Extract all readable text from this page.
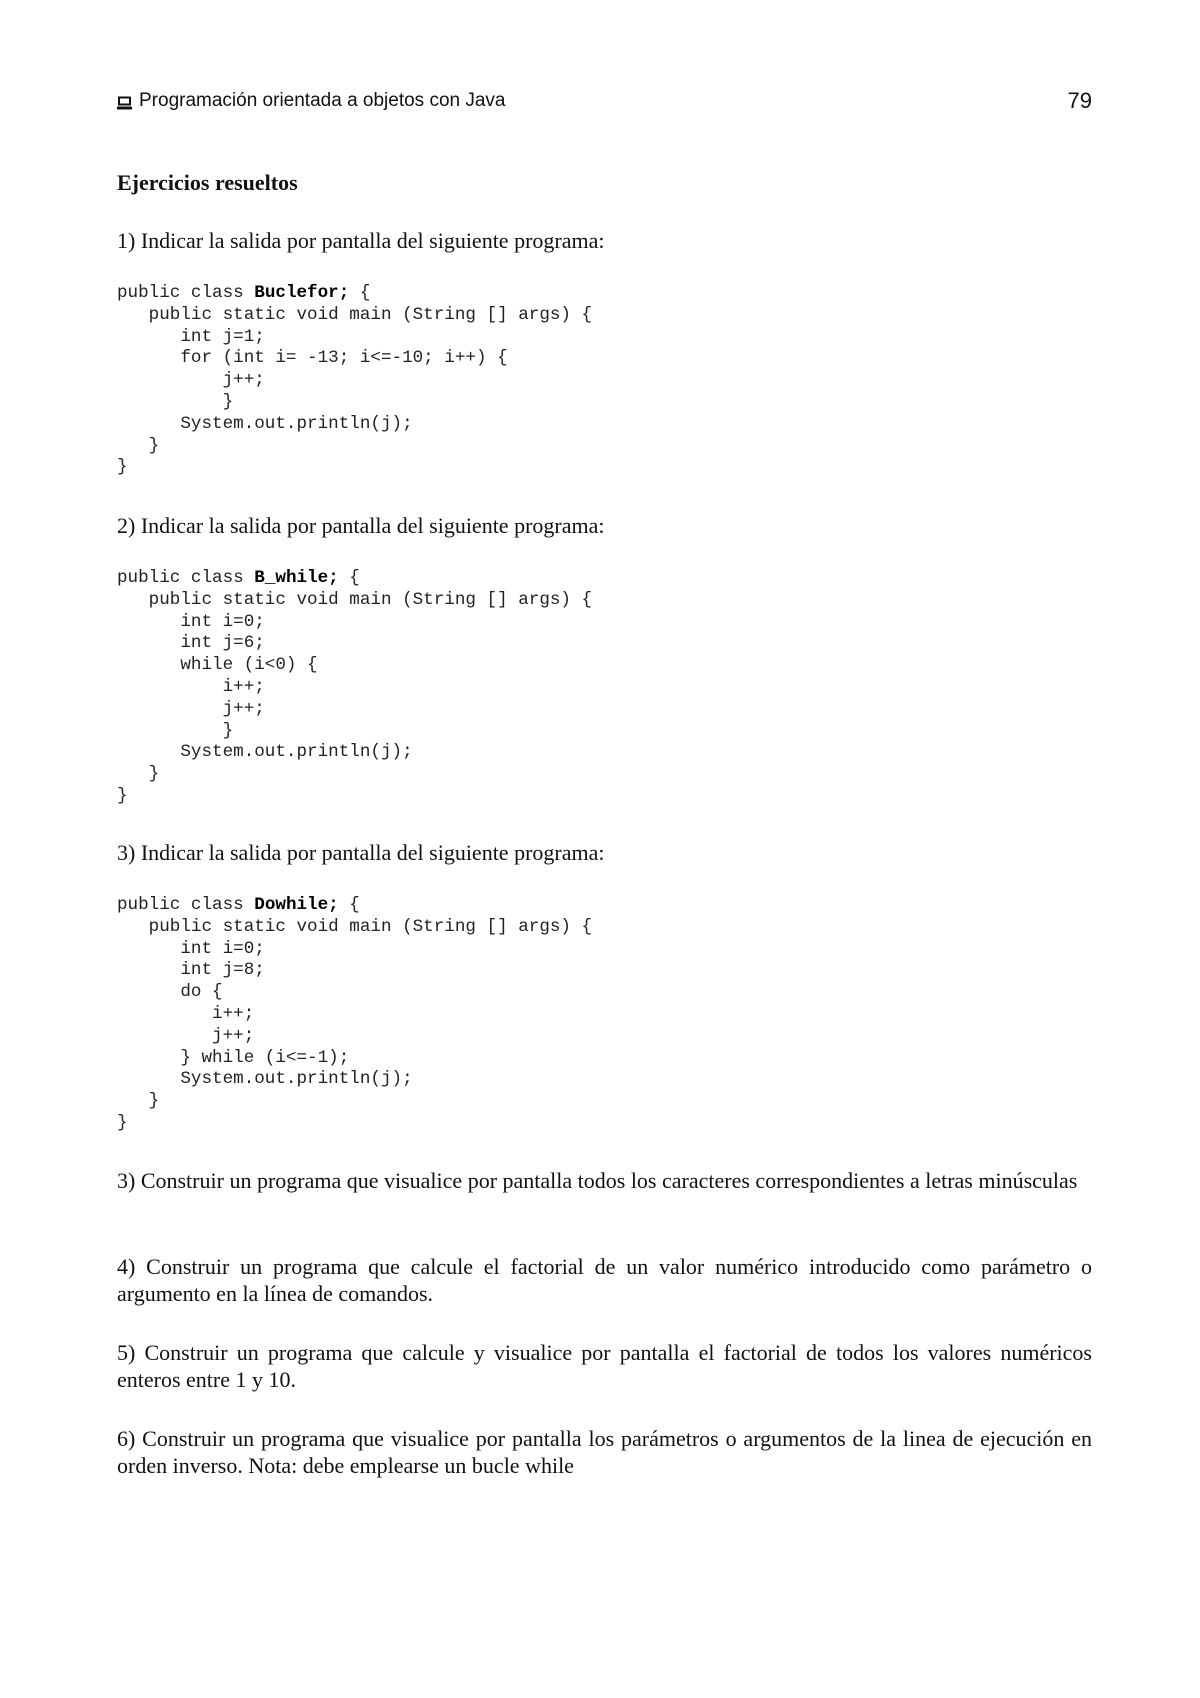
Programación orientada a objetos con Java	79
Ejercicios resueltos
1) Indicar la salida por pantalla del siguiente programa:
public class Buclefor; {
public static void main (String [] args) {
int j=1;
for (int i= -13; i<=-10; i++) {
j++;
}
System.out.println(j);
}
}
2) Indicar la salida por pantalla del siguiente programa:
public class B_while; {
public static void main (String [] args) {
int i=0;
int j=6;
while (i<0) {
i++;
j++;
}
System.out.println(j);
}
}
3) Indicar la salida por pantalla del siguiente programa:
public class Dowhile; {
public static void main (String [] args) {
int i=0;
int j=8;
do {
i++;
j++;
} while (i<=-1);
System.out.println(j);
}
}
3) Construir un programa que visualice por pantalla todos los caracteres correspondientes a letras minúsculas
4) Construir un programa que calcule el factorial de un valor numérico introducido como parámetro o argumento en la línea de comandos.
5) Construir un programa que calcule y visualice por pantalla el factorial de todos los valores numéricos enteros entre 1 y 10.
6) Construir un programa que visualice por pantalla los parámetros o argumentos de la linea de ejecución en orden inverso. Nota: debe emplearse un bucle while
